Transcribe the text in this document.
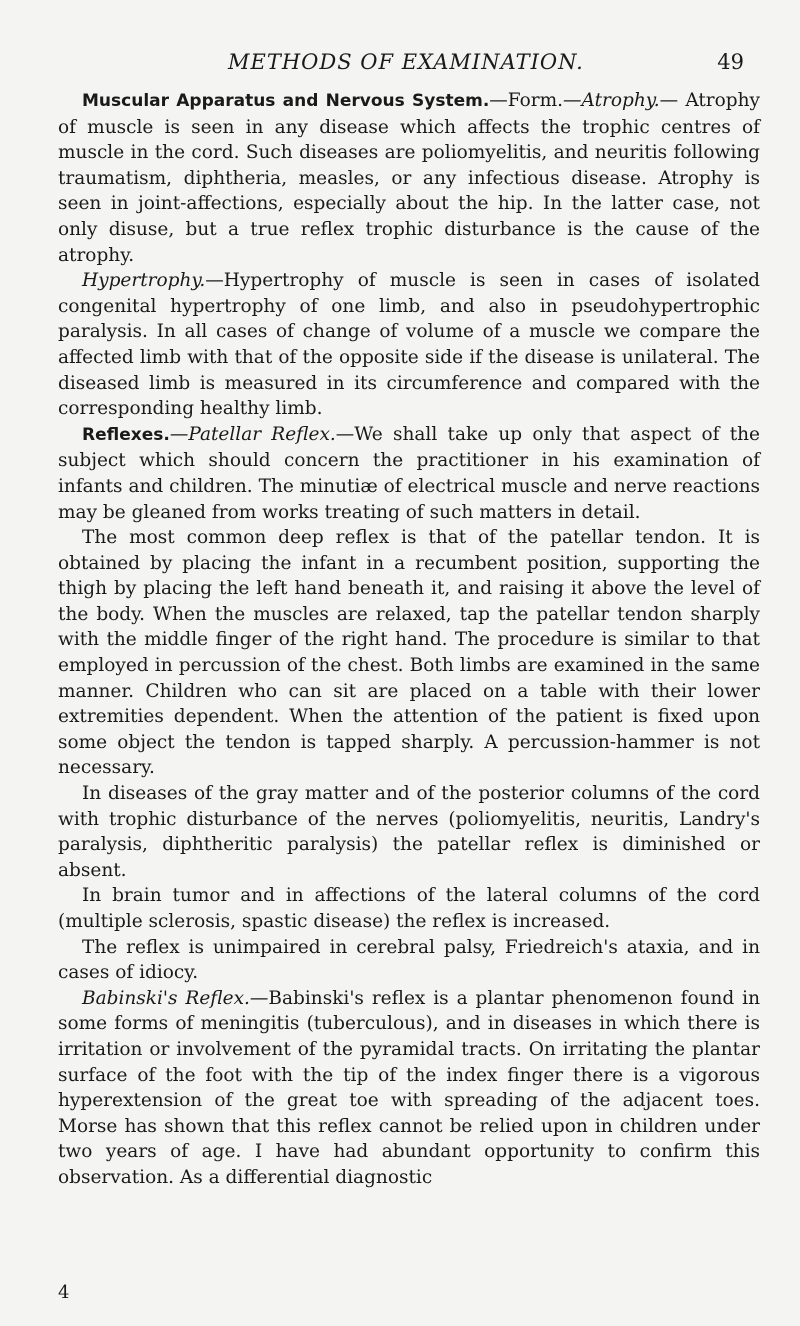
METHODS OF EXAMINATION.	49

Muscular Apparatus and Nervous System.—Form.—Atrophy.— Atrophy of muscle is seen in any disease which affects the trophic centres of muscle in the cord. Such diseases are poliomyelitis, and neuritis following traumatism, diphtheria, measles, or any infectious disease. Atrophy is seen in joint-affections, especially about the hip. In the latter case, not only disuse, but a true reflex trophic disturbance is the cause of the atrophy.

Hypertrophy.—Hypertrophy of muscle is seen in cases of isolated congenital hypertrophy of one limb, and also in pseudohypertrophic paralysis. In all cases of change of volume of a muscle we compare the affected limb with that of the opposite side if the disease is unilateral. The diseased limb is measured in its circumference and compared with the corresponding healthy limb.

Reflexes.—Patellar Reflex.—We shall take up only that aspect of the subject which should concern the practitioner in his examination of infants and children. The minutiæ of electrical muscle and nerve reactions may be gleaned from works treating of such matters in detail.

The most common deep reflex is that of the patellar tendon. It is obtained by placing the infant in a recumbent position, supporting the thigh by placing the left hand beneath it, and raising it above the level of the body. When the muscles are relaxed, tap the patellar tendon sharply with the middle finger of the right hand. The procedure is similar to that employed in percussion of the chest. Both limbs are examined in the same manner. Children who can sit are placed on a table with their lower extremities dependent. When the attention of the patient is fixed upon some object the tendon is tapped sharply. A percussion-hammer is not necessary.

In diseases of the gray matter and of the posterior columns of the cord with trophic disturbance of the nerves (poliomyelitis, neuritis, Landry's paralysis, diphtheritic paralysis) the patellar reflex is diminished or absent.

In brain tumor and in affections of the lateral columns of the cord (multiple sclerosis, spastic disease) the reflex is increased.

The reflex is unimpaired in cerebral palsy, Friedreich's ataxia, and in cases of idiocy.

Babinski's Reflex.—Babinski's reflex is a plantar phenomenon found in some forms of meningitis (tuberculous), and in diseases in which there is irritation or involvement of the pyramidal tracts. On irritating the plantar surface of the foot with the tip of the index finger there is a vigorous hyperextension of the great toe with spreading of the adjacent toes. Morse has shown that this reflex cannot be relied upon in children under two years of age. I have had abundant opportunity to confirm this observation. As a differential diagnostic

4
